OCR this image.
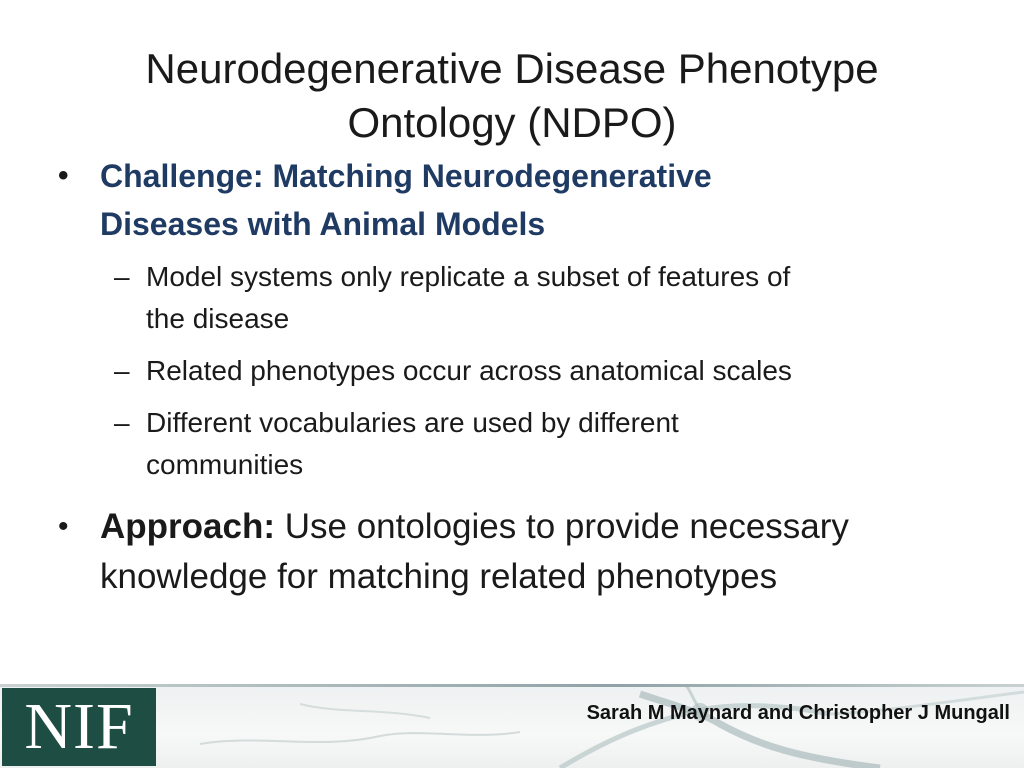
Neurodegenerative Disease Phenotype
Ontology (NDPO)

• Challenge: Matching Neurodegenerative
Diseases with Animal Models

– Model systems only replicate a subset of features of
the disease

– Related phenotypes occur across anatomical scales

– Different vocabularies are used by different
communities

• Approach: Use ontologies to provide necessary
knowledge for matching related phenotypes

NIF	Sarah M Maynard and Christopher J Mungall
